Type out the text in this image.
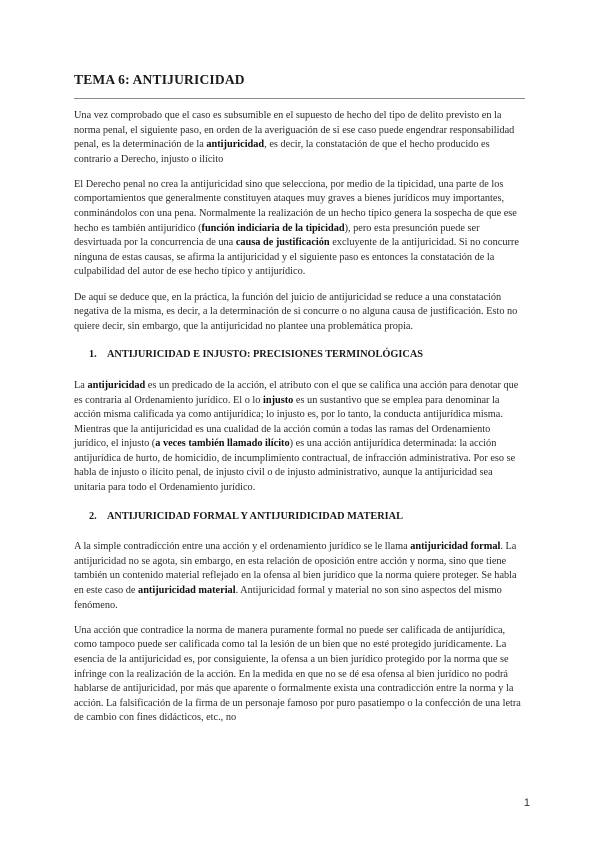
TEMA 6: ANTIJURICIDAD

Una vez comprobado que el caso es subsumible en el supuesto de hecho del tipo de delito previsto en la norma penal, el siguiente paso, en orden de la averiguación de si ese caso puede engendrar responsabilidad penal, es la determinación de la antijuricidad, es decir, la constatación de que el hecho producido es contrario a Derecho, injusto o ilícito

El Derecho penal no crea la antijuricidad sino que selecciona, por medio de la tipicidad, una parte de los comportamientos que generalmente constituyen ataques muy graves a bienes jurídicos muy importantes, conminándolos con una pena. Normalmente la realización de un hecho típico genera la sospecha de que ese hecho es también antijurídico (función indiciaria de la tipicidad), pero esta presunción puede ser desvirtuada por la concurrencia de una causa de justificación excluyente de la antijuricidad. Si no concurre ninguna de estas causas, se afirma la antijuricidad y el siguiente paso es entonces la constatación de la culpabilidad del autor de ese hecho típico y antijurídico.

De aquí se deduce que, en la práctica, la función del juicio de antijuricidad se reduce a una constatación negativa de la misma, es decir, a la determinación de si concurre o no alguna causa de justificación. Esto no quiere decir, sin embargo, que la antijuricidad no plantee una problemática propia.

1. ANTIJURICIDAD E INJUSTO: PRECISIONES TERMINOLÓGICAS

La antijuricidad es un predicado de la acción, el atributo con el que se califica una acción para denotar que es contraria al Ordenamiento jurídico. El o lo injusto es un sustantivo que se emplea para denominar la acción misma calificada ya como antijurídica; lo injusto es, por lo tanto, la conducta antijurídica misma. Mientras que la antijuricidad es una cualidad de la acción común a todas las ramas del Ordenamiento jurídico, el injusto (a veces también llamado ilícito) es una acción antijurídica determinada: la acción antijurídica de hurto, de homicidio, de incumplimiento contractual, de infracción administrativa. Por eso se habla de injusto o ilícito penal, de injusto civil o de injusto administrativo, aunque la antijuricidad sea unitaria para todo el Ordenamiento jurídico.

2. ANTIJURICIDAD FORMAL Y ANTIJURIDICIDAD MATERIAL

A la simple contradicción entre una acción y el ordenamiento jurídico se le llama antijuricidad formal. La antijuricidad no se agota, sin embargo, en esta relación de oposición entre acción y norma, sino que tiene también un contenido material reflejado en la ofensa al bien jurídico que la norma quiere proteger. Se habla en este caso de antijuricidad material. Antijuricidad formal y material no son sino aspectos del mismo fenómeno.

Una acción que contradice la norma de manera puramente formal no puede ser calificada de antijurídica, como tampoco puede ser calificada como tal la lesión de un bien que no esté protegido jurídicamente. La esencia de la antijuricidad es, por consiguiente, la ofensa a un bien jurídico protegido por la norma que se infringe con la realización de la acción. En la medida en que no se dé esa ofensa al bien jurídico no podrá hablarse de antijuricidad, por más que aparente o formalmente exista una contradicción entre la norma y la acción. La falsificación de la firma de un personaje famoso por puro pasatiempo o la confección de una letra de cambio con fines didácticos, etc., no

1
